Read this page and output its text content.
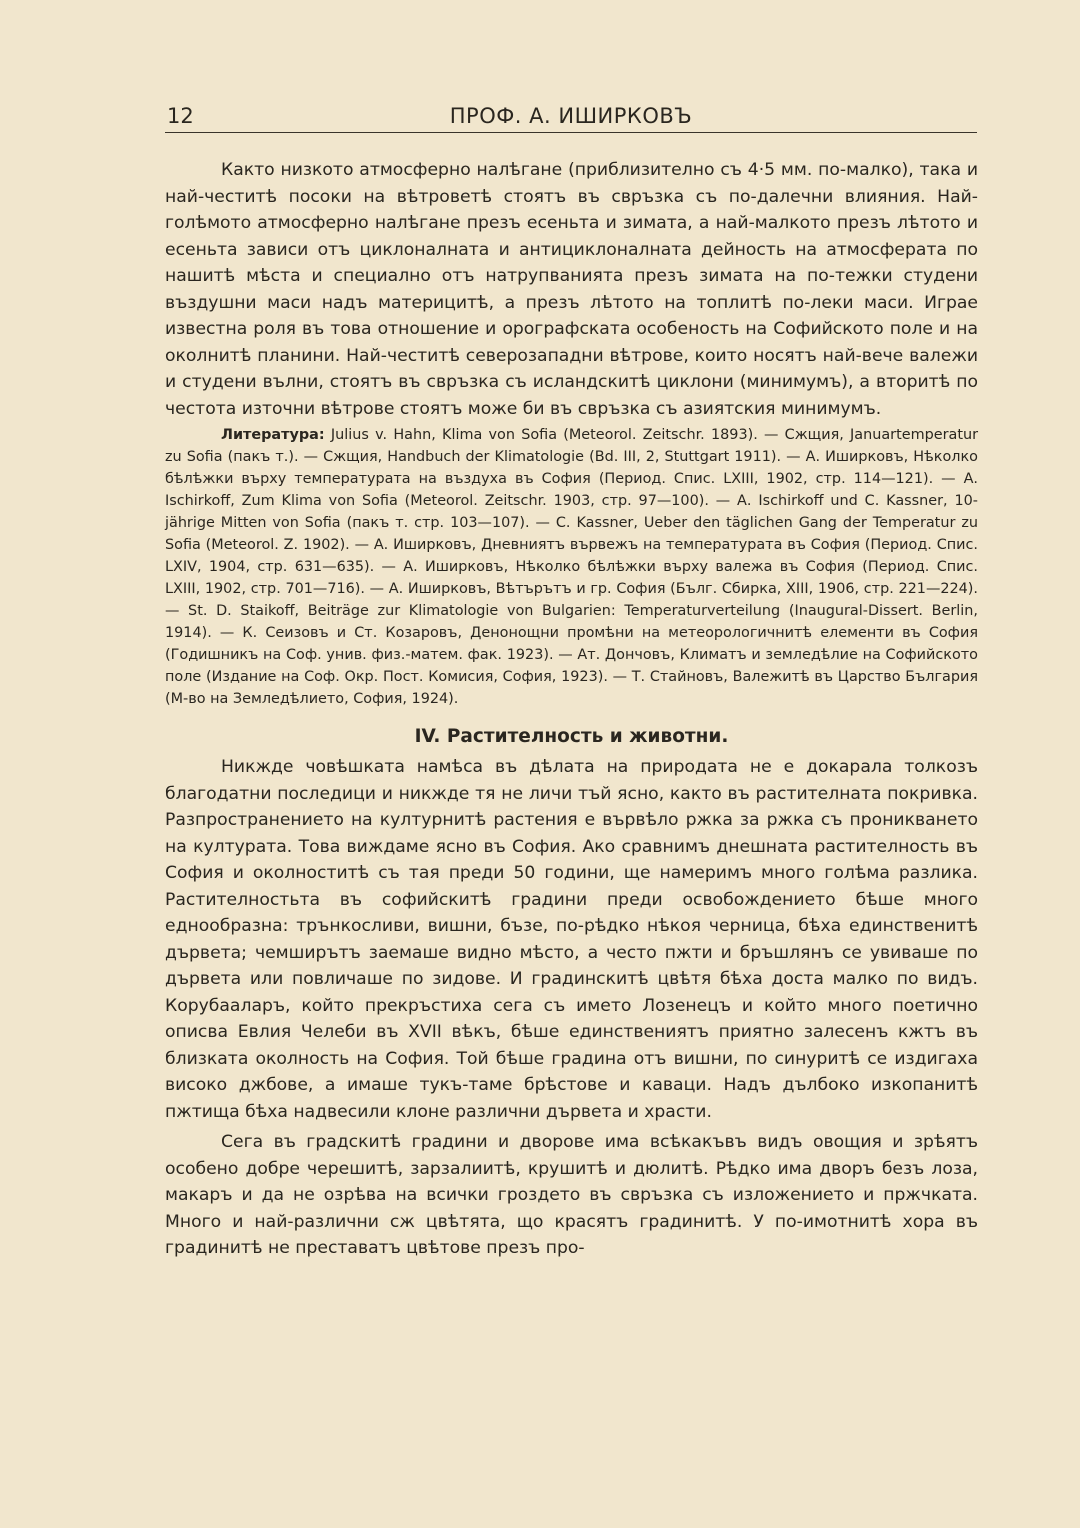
12	ПРОФ. А. ИШИРКОВЪ

Както низкото атмосферно налѣгане (приблизително съ 4·5 мм. по-малко), така и най-честитѣ посоки на вѣтроветѣ стоятъ въ свръзка съ по-далечни влияния. Най-голѣмото атмосферно налѣгане презъ есеньта и зимата, а най-малкото презъ лѣтото и есеньта зависи отъ циклоналната и антициклоналната дейность на атмосферата по нашитѣ мѣста и специално отъ натрупванията презъ зимата на по-тежки студени въздушни маси надъ материцитѣ, а презъ лѣтото на топлитѣ по-леки маси. Играе известна роля въ това отношение и орографската особеность на Софийското поле и на околнитѣ планини. Най-честитѣ северозападни вѣтрове, които носятъ най-вече валежи и студени вълни, стоятъ въ свръзка съ исландскитѣ циклони (минимумъ), а вторитѣ по честота източни вѣтрове стоятъ може би въ свръзка съ азиятския минимумъ.

Литература: Julius v. Hahn, Klima von Sofia (Meteorol. Zeitschr. 1893). — Сжщия, Januartemperatur zu Sofia (пакъ т.). — Сжщия, Handbuch der Klimatologie (Bd. III, 2, Stuttgart 1911). — А. Иширковъ, Нѣколко бѣлѣжки върху температурата на въздуха въ София (Период. Спис. LXIII, 1902, стр. 114—121). — А. Ischirkoff, Zum Klima von Sofia (Meteorol. Zeitschr. 1903, стр. 97—100). — А. Ischirkoff und C. Kassner, 10-jährige Mitten von Sofia (пакъ т. стр. 103—107). — C. Kassner, Ueber den täglichen Gang der Temperatur zu Sofia (Meteorol. Z. 1902). — А. Иширковъ, Дневниятъ вървежъ на температурата въ София (Период. Спис. LXIV, 1904, стр. 631—635). — А. Иширковъ, Нѣколко бѣлѣжки върху валежа въ София (Период. Спис. LXIII, 1902, стр. 701—716). — А. Иширковъ, Вѣтърътъ и гр. София (Бълг. Сбирка, XIII, 1906, стр. 221—224). — St. D. Staikoff, Beiträge zur Klimatologie von Bulgarien: Temperaturverteilung (Inaugural-Dissert. Berlin, 1914). — К. Сеизовъ и Ст. Козаровъ, Денонощни промѣни на метеорологичнитѣ елементи въ София (Годишникъ на Соф. унив. физ.-матем. фак. 1923). — Ат. Дончовъ, Климатъ и земледѣлие на Софийското поле (Издание на Соф. Окр. Пост. Комисия, София, 1923). — Т. Стайновъ, Валежитѣ въ Царство България (М-во на Земледѣлието, София, 1924).

IV. Растителность и животни.

Никжде човѣшката намѣса въ дѣлата на природата не е докарала толкозъ благодатни последици и никжде тя не личи тъй ясно, както въ растителната покривка. Разпространението на културнитѣ растения е вървѣло ржка за ржка съ проникването на културата. Това виждаме ясно въ София. Ако сравнимъ днешната растителность въ София и околноститѣ съ тая преди 50 години, ще намеримъ много голѣма разлика. Растителностьта въ софийскитѣ градини преди освобождението бѣше много еднообразна: трънкосливи, вишни, бъзе, по-рѣдко нѣкоя черница, бѣха единственитѣ дървета; чемширътъ заемаше видно мѣсто, а често пжти и бръшлянъ се увиваше по дървета или повличаше по зидове. И градинскитѣ цвѣтя бѣха доста малко по видъ. Корубааларъ, който прекръстиха сега съ името Лозенецъ и който много поетично описва Евлия Челеби въ XVII вѣкъ, бѣше единствениятъ приятно залесенъ кжтъ въ близката околность на София. Той бѣше градина отъ вишни, по синуритѣ се издигаха високо джбове, а имаше тукъ-таме брѣстове и каваци. Надъ дълбоко изкопанитѣ пжтища бѣха надвесили клоне различни дървета и храсти.

Сега въ градскитѣ градини и дворове има всѣкакъвъ видъ овощия и зрѣятъ особено добре черешитѣ, зарзалиитѣ, крушитѣ и дюлитѣ. Рѣдко има дворъ безъ лоза, макаръ и да не озрѣва на всички гроздето въ свръзка съ изложението и пржчката. Много и най-различни сж цвѣтята, що красятъ градинитѣ. У по-имотнитѣ хора въ градинитѣ не преставатъ цвѣтове презъ про-
